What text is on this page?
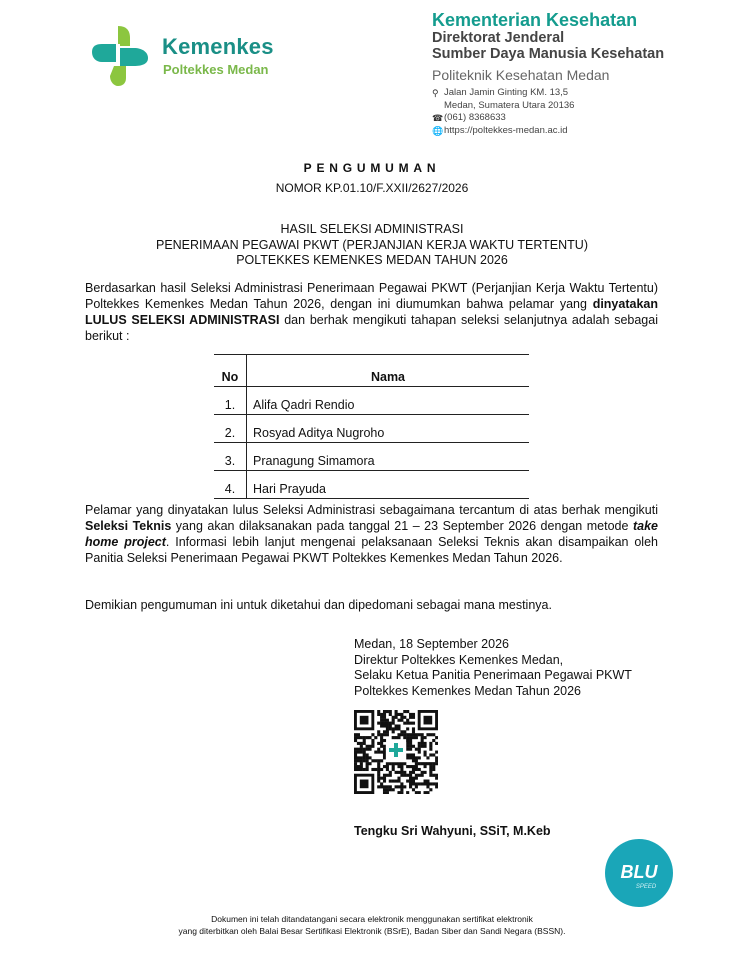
Kemenkes
Poltekkes Medan
Kementerian Kesehatan
Direktorat Jenderal
Sumber Daya Manusia Kesehatan
Politeknik Kesehatan Medan
⚲ Jalan Jamin Ginting KM. 13,5
Medan, Sumatera Utara 20136
☎ (061) 8368633
🌐 https://poltekkes-medan.ac.id
PENGUMUMAN
NOMOR KP.01.10/F.XXII/2627/2026
HASIL SELEKSI ADMINISTRASI
PENERIMAAN PEGAWAI PKWT (PERJANJIAN KERJA WAKTU TERTENTU)
POLTEKKES KEMENKES MEDAN TAHUN 2026
Berdasarkan hasil Seleksi Administrasi Penerimaan Pegawai PKWT (Perjanjian Kerja Waktu Tertentu) Poltekkes Kemenkes Medan Tahun 2026, dengan ini diumumkan bahwa pelamar yang dinyatakan LULUS SELEKSI ADMINISTRASI dan berhak mengikuti tahapan seleksi selanjutnya adalah sebagai berikut :
No	Nama
1.	Alifa Qadri Rendio
2.	Rosyad Aditya Nugroho
3.	Pranagung Simamora
4.	Hari Prayuda
Pelamar yang dinyatakan lulus Seleksi Administrasi sebagaimana tercantum di atas berhak mengikuti Seleksi Teknis yang akan dilaksanakan pada tanggal 21 – 23 September 2026 dengan metode take home project. Informasi lebih lanjut mengenai pelaksanaan Seleksi Teknis akan disampaikan oleh Panitia Seleksi Penerimaan Pegawai PKWT Poltekkes Kemenkes Medan Tahun 2026.
Demikian pengumuman ini untuk diketahui dan dipedomani sebagai mana mestinya.
Medan, 18 September 2026
Direktur Poltekkes Kemenkes Medan,
Selaku Ketua Panitia Penerimaan Pegawai PKWT
Poltekkes Kemenkes Medan Tahun 2026
Tengku Sri Wahyuni, SSiT, M.Keb
BLU
SPEED
Dokumen ini telah ditandatangani secara elektronik menggunakan sertifikat elektronik
yang diterbitkan oleh Balai Besar Sertifikasi Elektronik (BSrE), Badan Siber dan Sandi Negara (BSSN).
